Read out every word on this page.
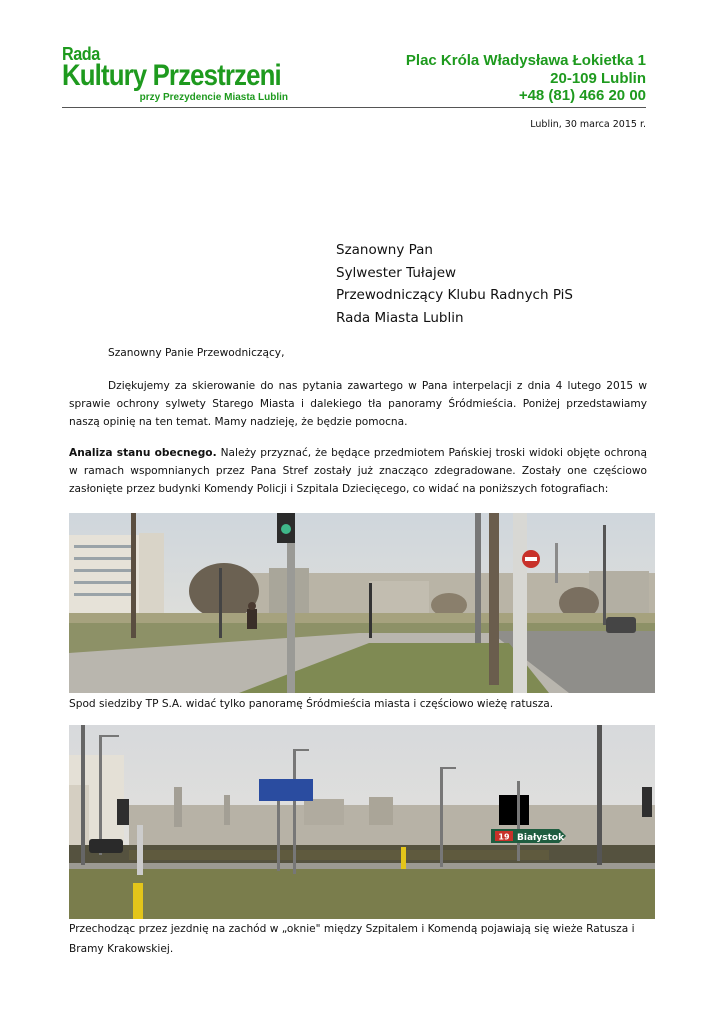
Rada
Kultury Przestrzeni
przy Prezydencie Miasta Lublin
Plac Króla Władysława Łokietka 1
20-109 Lublin
+48 (81) 466 20 00
Lublin, 30 marca 2015 r.
Szanowny Pan
Sylwester Tułajew
Przewodniczący Klubu Radnych PiS
Rada Miasta Lublin
Szanowny Panie Przewodniczący,
Dziękujemy za skierowanie do nas pytania zawartego w Pana interpelacji z dnia 4 lutego 2015 w sprawie ochrony sylwety Starego Miasta i dalekiego tła panoramy Śródmieścia. Poniżej przedstawiamy naszą opinię na ten temat. Mamy nadzieję, że będzie pomocna.
Analiza stanu obecnego. Należy przyznać, że będące przedmiotem Pańskiej troski widoki objęte ochroną w ramach wspomnianych przez Pana Stref zostały już znacząco zdegradowane. Zostały one częściowo zasłonięte przez budynki Komendy Policji i Szpitala Dziecięcego, co widać na poniższych fotografiach:
Spod siedziby TP S.A. widać tylko panoramę Śródmieścia miasta i częściowo wieżę ratusza.
19 Białystok
Przechodząc przez jezdnię na zachód w „oknie" między Szpitalem i Komendą pojawiają się wieże Ratusza i Bramy Krakowskiej.
